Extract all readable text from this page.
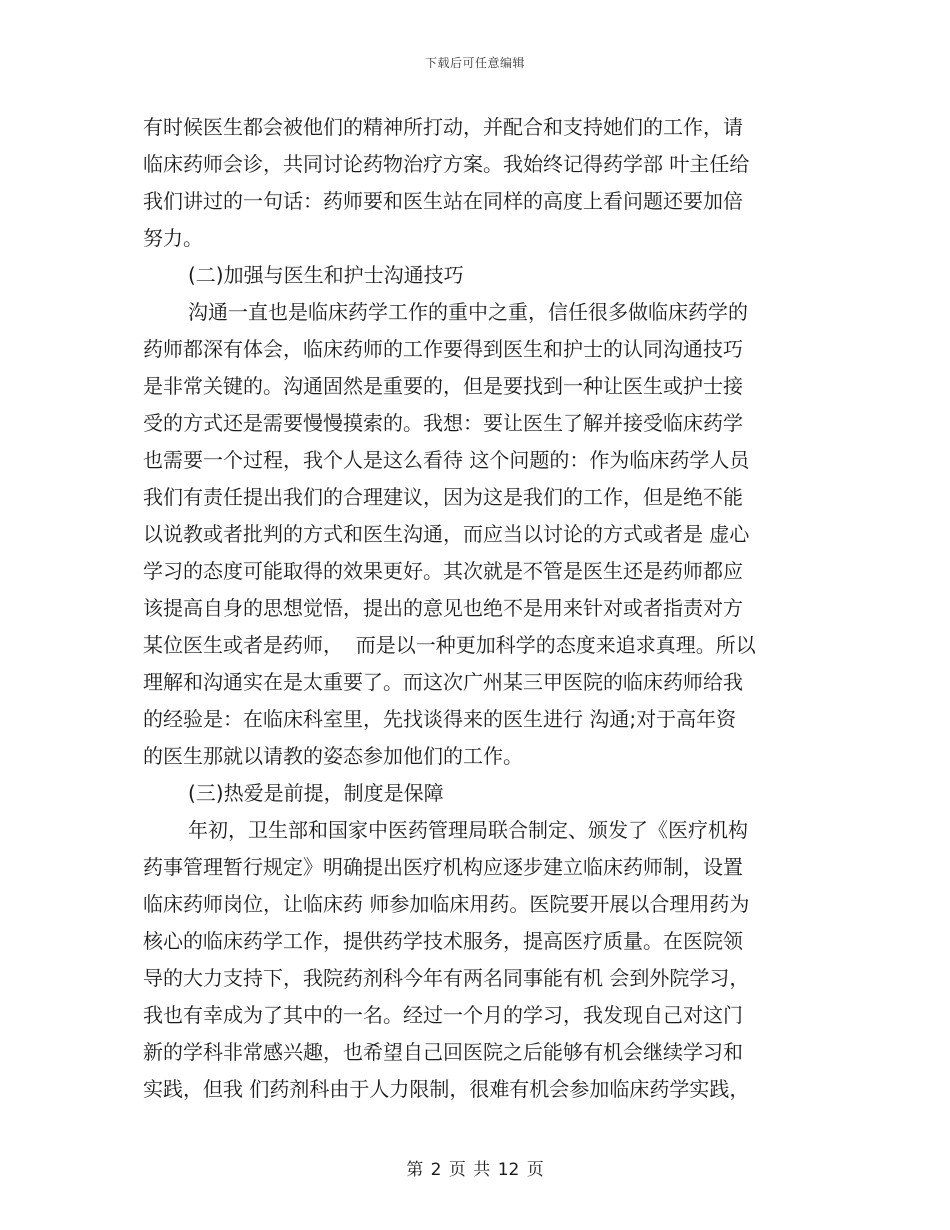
下载后可任意编辑
有时候医生都会被他们的精神所打动，并配合和支持她们的工作，请
临床药师会诊，共同讨论药物治疗方案。我始终记得药学部 叶主任给
我们讲过的一句话：药师要和医生站在同样的高度上看问题还要加倍
努力。
(二)加强与医生和护士沟通技巧
沟通一直也是临床药学工作的重中之重，信任很多做临床药学的
药师都深有体会，临床药师的工作要得到医生和护士的认同沟通技巧
是非常关键的。沟通固然是重要的，但是要找到一种让医生或护士接
受的方式还是需要慢慢摸索的。我想：要让医生了解并接受临床药学
也需要一个过程，我个人是这么看待 这个问题的：作为临床药学人员
我们有责任提出我们的合理建议，因为这是我们的工作，但是绝不能
以说教或者批判的方式和医生沟通，而应当以讨论的方式或者是 虚心
学习的态度可能取得的效果更好。其次就是不管是医生还是药师都应
该提高自身的思想觉悟，提出的意见也绝不是用来针对或者指责对方
某位医生或者是药师，  而是以一种更加科学的态度来追求真理。所以
理解和沟通实在是太重要了。而这次广州某三甲医院的临床药师给我
的经验是：在临床科室里，先找谈得来的医生进行 沟通;对于高年资
的医生那就以请教的姿态参加他们的工作。
(三)热爱是前提，制度是保障
年初，卫生部和国家中医药管理局联合制定、颁发了《医疗机构
药事管理暂行规定》明确提出医疗机构应逐步建立临床药师制，设置
临床药师岗位，让临床药 师参加临床用药。医院要开展以合理用药为
核心的临床药学工作，提供药学技术服务，提高医疗质量。在医院领
导的大力支持下，我院药剂科今年有两名同事能有机 会到外院学习，
我也有幸成为了其中的一名。经过一个月的学习，我发现自己对这门
新的学科非常感兴趣，也希望自己回医院之后能够有机会继续学习和
实践，但我 们药剂科由于人力限制，很难有机会参加临床药学实践，
第 2 页 共 12 页
